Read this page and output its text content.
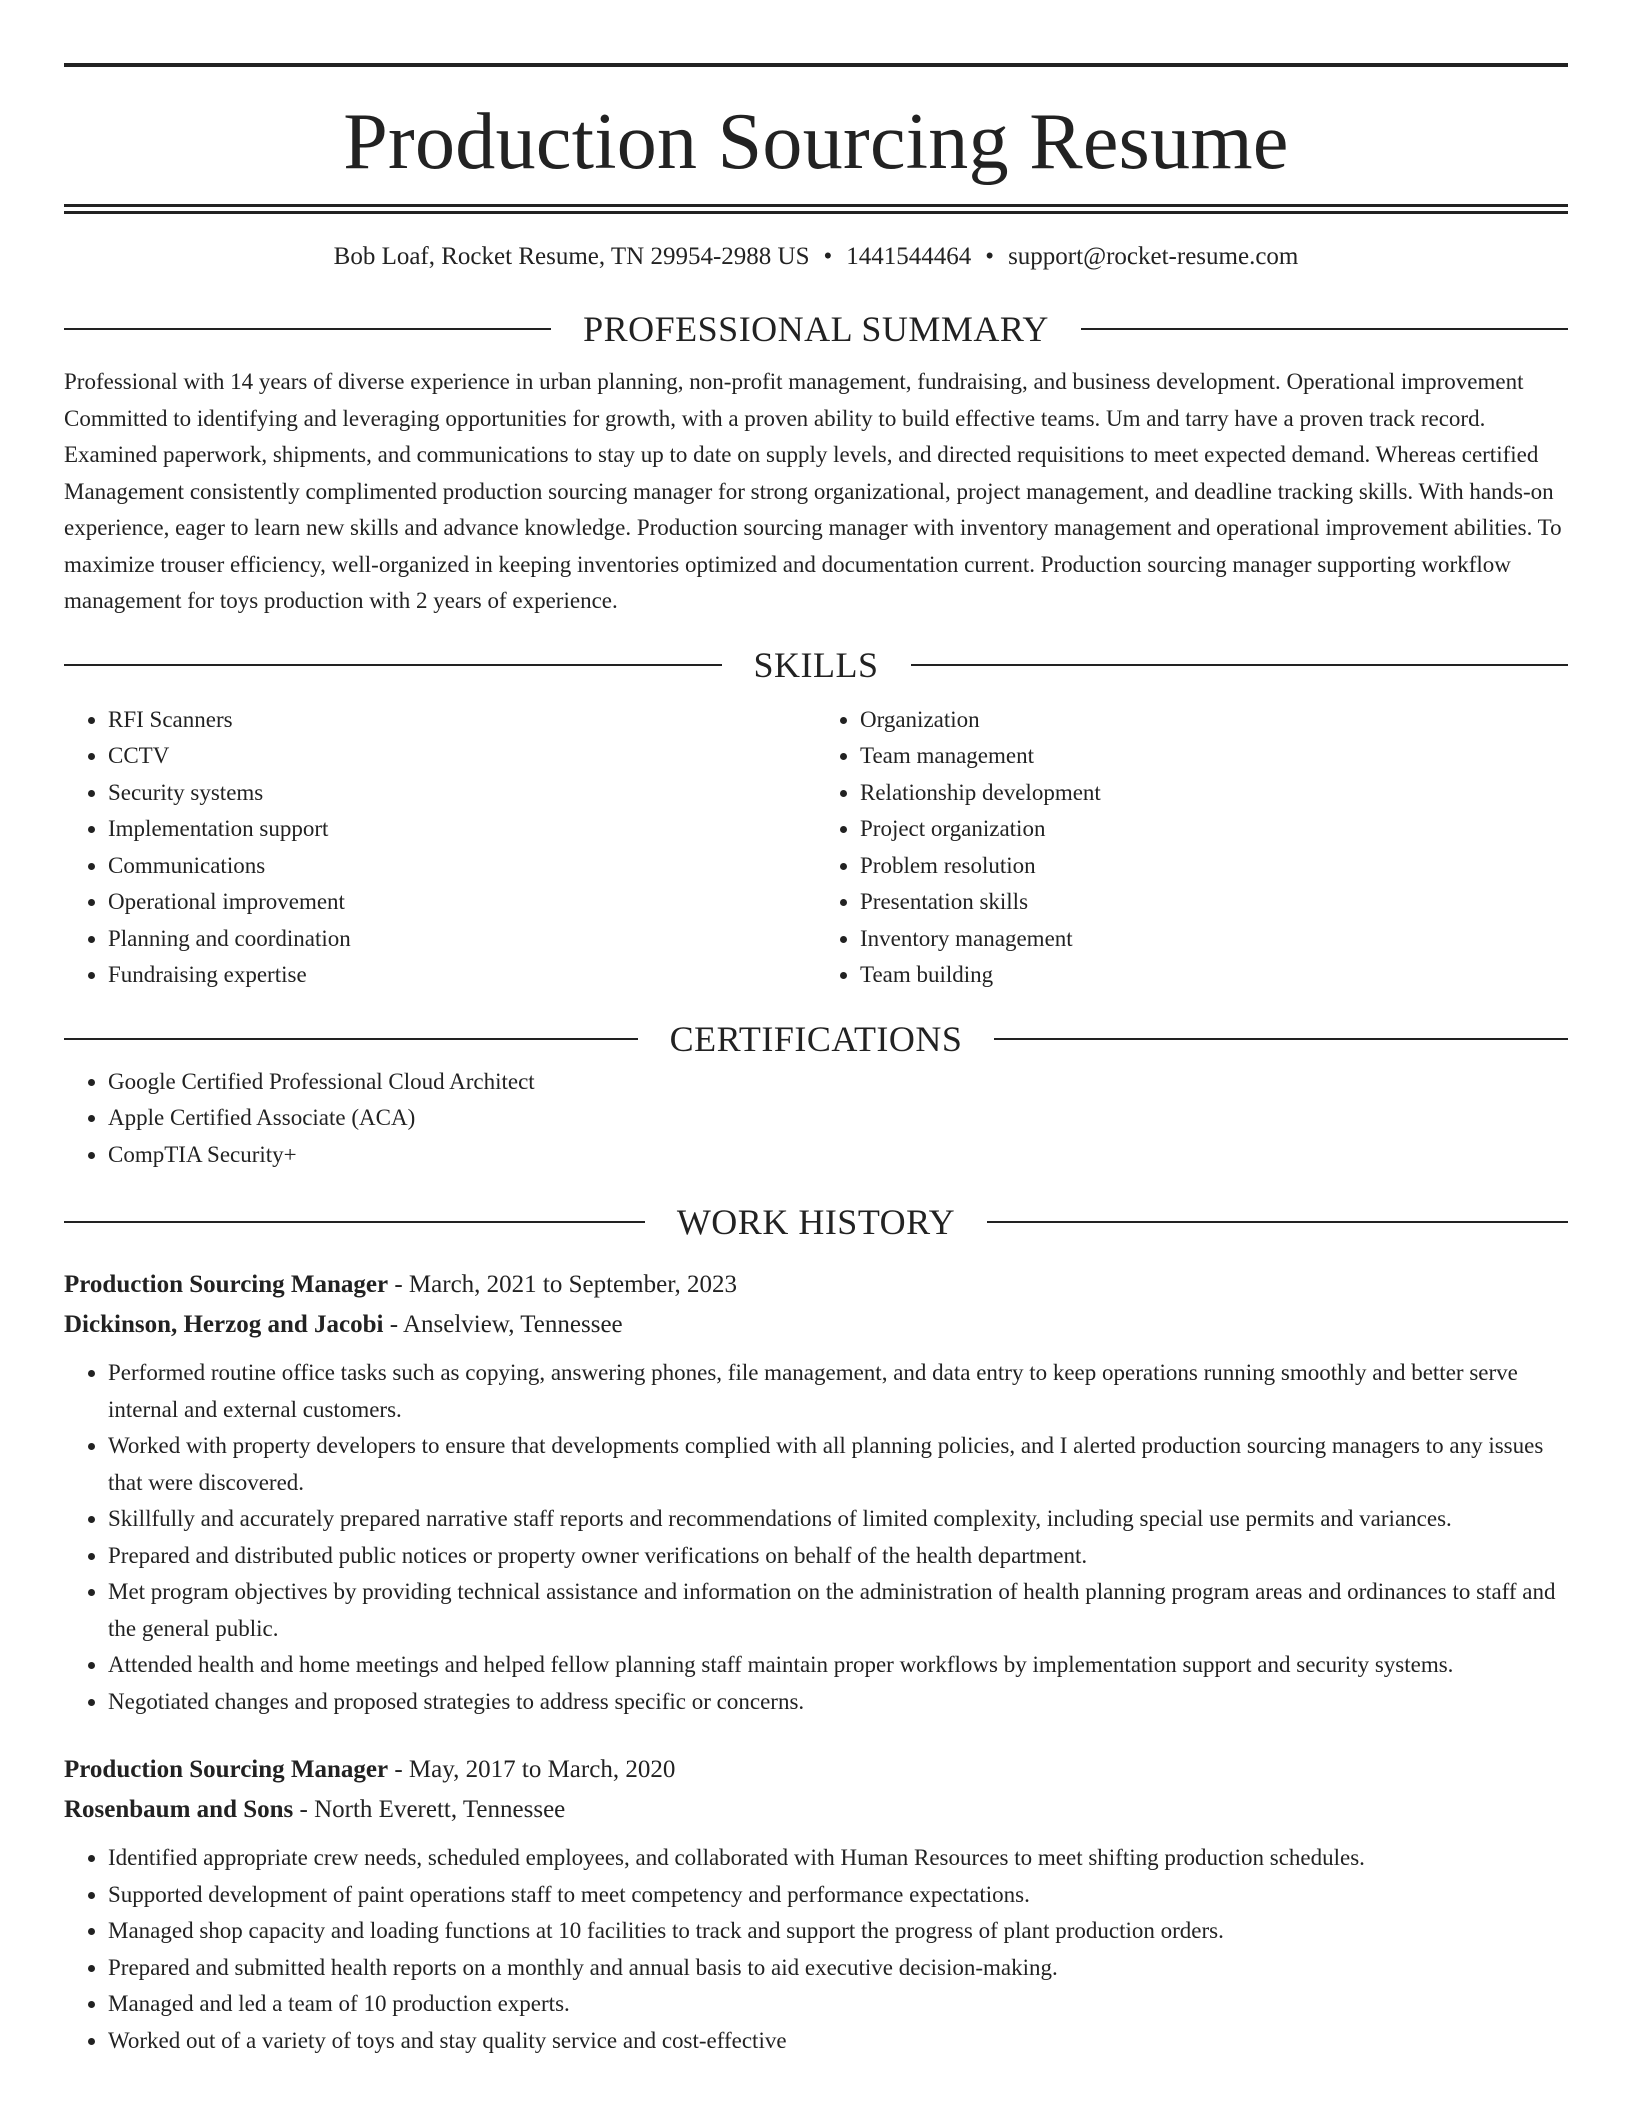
Production Sourcing Resume
Bob Loaf, Rocket Resume, TN 29954-2988 US • 1441544464 • support@rocket-resume.com
PROFESSIONAL SUMMARY
Professional with 14 years of diverse experience in urban planning, non-profit management, fundraising, and business development. Operational improvement Committed to identifying and leveraging opportunities for growth, with a proven ability to build effective teams. Um and tarry have a proven track record. Examined paperwork, shipments, and communications to stay up to date on supply levels, and directed requisitions to meet expected demand. Whereas certified Management consistently complimented production sourcing manager for strong organizational, project management, and deadline tracking skills. With hands-on experience, eager to learn new skills and advance knowledge. Production sourcing manager with inventory management and operational improvement abilities. To maximize trouser efficiency, well-organized in keeping inventories optimized and documentation current. Production sourcing manager supporting workflow management for toys production with 2 years of experience.
SKILLS
• RFI Scanners
• CCTV
• Security systems
• Implementation support
• Communications
• Operational improvement
• Planning and coordination
• Fundraising expertise
• Organization
• Team management
• Relationship development
• Project organization
• Problem resolution
• Presentation skills
• Inventory management
• Team building
CERTIFICATIONS
• Google Certified Professional Cloud Architect
• Apple Certified Associate (ACA)
• CompTIA Security+
WORK HISTORY
Production Sourcing Manager - March, 2021 to September, 2023
Dickinson, Herzog and Jacobi - Anselview, Tennessee
• Performed routine office tasks such as copying, answering phones, file management, and data entry to keep operations running smoothly and better serve internal and external customers.
• Worked with property developers to ensure that developments complied with all planning policies, and I alerted production sourcing managers to any issues that were discovered.
• Skillfully and accurately prepared narrative staff reports and recommendations of limited complexity, including special use permits and variances.
• Prepared and distributed public notices or property owner verifications on behalf of the health department.
• Met program objectives by providing technical assistance and information on the administration of health planning program areas and ordinances to staff and the general public.
• Attended health and home meetings and helped fellow planning staff maintain proper workflows by implementation support and security systems.
• Negotiated changes and proposed strategies to address specific or concerns.
Production Sourcing Manager - May, 2017 to March, 2020
Rosenbaum and Sons - North Everett, Tennessee
• Identified appropriate crew needs, scheduled employees, and collaborated with Human Resources to meet shifting production schedules.
• Supported development of paint operations staff to meet competency and performance expectations.
• Managed shop capacity and loading functions at 10 facilities to track and support the progress of plant production orders.
• Prepared and submitted health reports on a monthly and annual basis to aid executive decision-making.
• Managed and led a team of 10 production experts.
• Worked out of a variety of toys and stay quality service and cost-effective
